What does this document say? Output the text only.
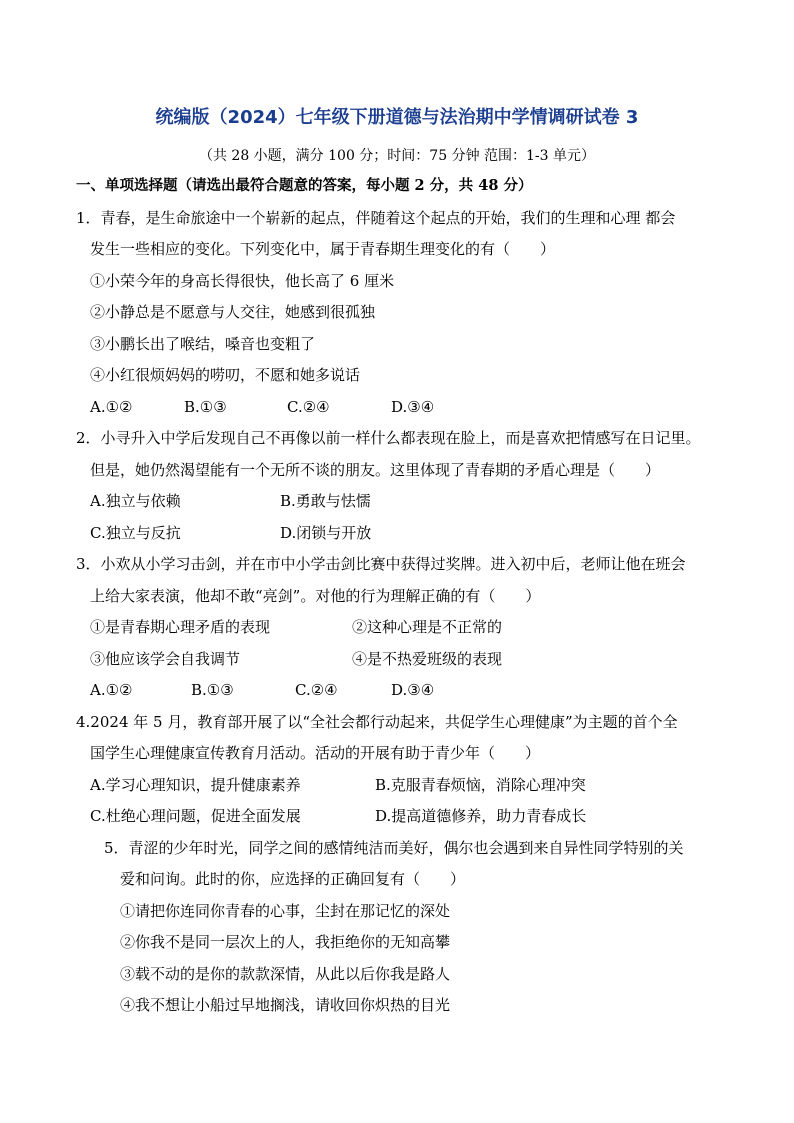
统编版（2024）七年级下册道德与法治期中学情调研试卷 3
（共 28 小题，满分 100 分；时间：75 分钟 范围：1-3 单元）
一、单项选择题（请选出最符合题意的答案，每小题 2 分，共 48 分）
1．青春，是生命旅途中一个崭新的起点，伴随着这个起点的开始，我们的生理和心理 都会
发生一些相应的变化。下列变化中，属于青春期生理变化的有（　　）
①小荣今年的身高长得很快，他长高了 6 厘米
②小静总是不愿意与人交往，她感到很孤独
③小鹏长出了喉结，嗓音也变粗了
④小红很烦妈妈的唠叨，不愿和她多说话
A.①②	B.①③	C.②④	D.③④
2．小寻升入中学后发现自己不再像以前一样什么都表现在脸上，而是喜欢把情感写在日记里。
但是，她仍然渴望能有一个无所不谈的朋友。这里体现了青春期的矛盾心理是（　　）
A.独立与依赖	B.勇敢与怯懦
C.独立与反抗	D.闭锁与开放
3．小欢从小学习击剑，并在市中小学击剑比赛中获得过奖牌。进入初中后，老师让他在班会
上给大家表演，他却不敢“亮剑”。对他的行为理解正确的有（　　）
①是青春期心理矛盾的表现	②这种心理是不正常的
③他应该学会自我调节	④是不热爱班级的表现
A.①②	B.①③	C.②④	D.③④
4.2024 年 5 月，教育部开展了以“全社会都行动起来，共促学生心理健康”为主题的首个全
国学生心理健康宣传教育月活动。活动的开展有助于青少年（　　）
A.学习心理知识，提升健康素养	B.克服青春烦恼，消除心理冲突
C.杜绝心理问题，促进全面发展	D.提高道德修养，助力青春成长
5．青涩的少年时光，同学之间的感情纯洁而美好，偶尔也会遇到来自异性同学特别的关
爱和问询。此时的你，应选择的正确回复有（　　）
①请把你连同你青春的心事，尘封在那记忆的深处
②你我不是同一层次上的人，我拒绝你的无知高攀
③载不动的是你的款款深情，从此以后你我是路人
④我不想让小船过早地搁浅，请收回你炽热的目光
